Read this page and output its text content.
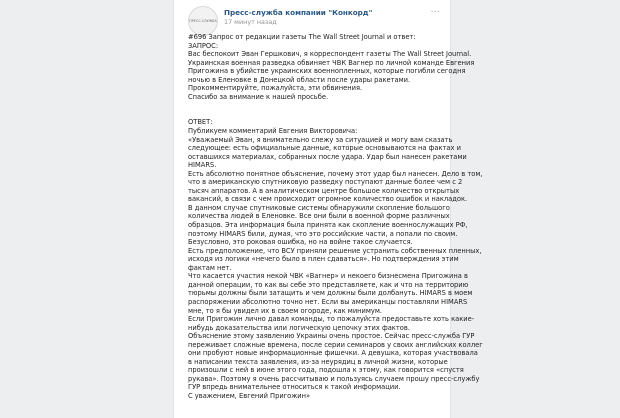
ПРЕСС-СЛУЖБА
Пресс-служба компании "Конкорд"
17 минут назад
···
#696 Запрос от редакции газеты The Wall Street Journal и ответ:
ЗАПРОС:
Вас беспокоит Эван Гершкович, я корреспондент газеты The Wall Street Journal.
Украинская военная разведка обвиняет ЧВК Вагнер по личной команде Евгения
Пригожина в убийстве украинских военнопленных, которые погибли сегодня
ночью в Еленовке в Донецкой области после удары ракетами.
Прокомментируйте, пожалуйста, эти обвинения.
Спасибо за внимание к нашей просьбе.
ОТВЕТ:
Публикуем комментарий Евгения Викторовича:
«Уважаемый Эван, я внимательно слежу за ситуацией и могу вам сказать
следующее: есть официальные данные, которые основываются на фактах и
оставшихся материалах, собранных после удара. Удар был нанесен ракетами
HIMARS.
Есть абсолютно понятное объяснение, почему этот удар был нанесен. Дело в том,
что в американскую спутниковую разведку поступают данные более чем с 2
тысяч аппаратов. А в аналитическом центре большое количество открытых
вакансий, в связи с чем происходит огромное количество ошибок и накладок.
В данном случае спутниковые системы обнаружили скопление большого
количества людей в Еленовке. Все они были в военной форме различных
образцов. Эта информация была принята как скопление военнослужащих РФ,
поэтому HIMARS били, думая, что это российские части, а попали по своим.
Безусловно, это роковая ошибка, но на войне такое случается.
Есть предположение, что ВСУ приняли решение устранить собственных пленных,
исходя из логики «нечего было в плен сдаваться». Но подтверждения этим
фактам нет.
Что касается участия некой ЧВК «Вагнер» и некоего бизнесмена Пригожина в
данной операции, то как вы себе это представляете, как и что на территорию
тюрьмы должны были затащить и чем должны были долбануть. HIMARS в моем
распоряжении абсолютно точно нет. Если вы американцы поставляли HIMARS
мне, то я бы увидел их в своем огороде, как минимум.
Если Пригожин лично давал команды, то пожалуйста предоставьте хоть какие-
нибудь доказательства или логическую цепочку этих фактов.
Объяснение этому заявлению Украины очень простое. Сейчас пресс-служба ГУР
переживает сложные времена, после серии семинаров у своих английских коллег
они пробуют новые информационные фишечки. А девушка, которая участвовала
в написании текста заявления, из-за неурядиц в личной жизни, которые
произошли с ней в июне этого года, подошла к этому, как говорится «спустя
рукава». Поэтому я очень рассчитываю и пользуясь случаем прошу пресс-службу
ГУР впредь внимательнее относиться к такой информации.
С уважением, Евгений Пригожин»
